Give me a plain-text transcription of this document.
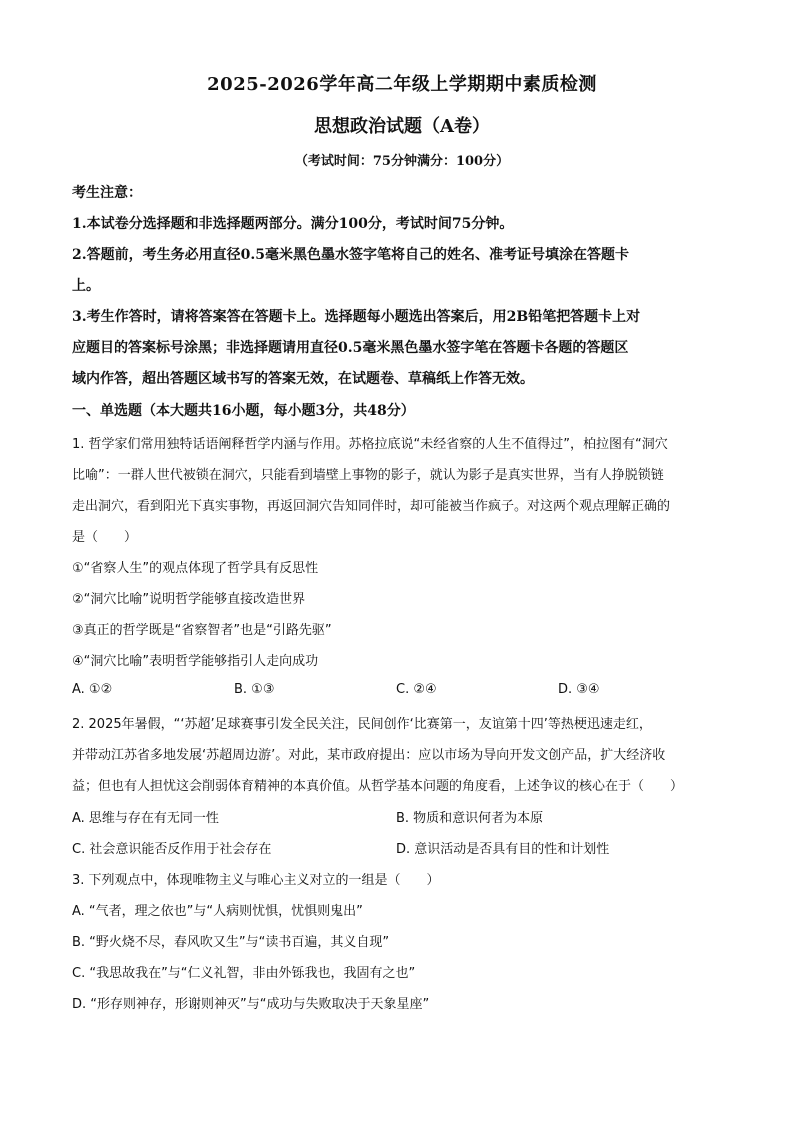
2025-2026学年高二年级上学期期中素质检测
思想政治试题（A卷）
（考试时间：75分钟满分：100分）
考生注意：
1.本试卷分选择题和非选择题两部分。满分100分，考试时间75分钟。
2.答题前，考生务必用直径0.5毫米黑色墨水签字笔将自己的姓名、准考证号填涂在答题卡
上。
3.考生作答时，请将答案答在答题卡上。选择题每小题选出答案后，用2B铅笔把答题卡上对
应题目的答案标号涂黑；非选择题请用直径0.5毫米黑色墨水签字笔在答题卡各题的答题区
域内作答，超出答题区域书写的答案无效，在试题卷、草稿纸上作答无效。
一、单选题（本大题共16小题，每小题3分，共48分）
1. 哲学家们常用独特话语阐释哲学内涵与作用。苏格拉底说“未经省察的人生不值得过”，柏拉图有“洞穴
比喻”：一群人世代被锁在洞穴，只能看到墙壁上事物的影子，就认为影子是真实世界，当有人挣脱锁链
走出洞穴，看到阳光下真实事物，再返回洞穴告知同伴时，却可能被当作疯子。对这两个观点理解正确的
是（　　）
①“省察人生”的观点体现了哲学具有反思性
②“洞穴比喻”说明哲学能够直接改造世界
③真正的哲学既是“省察智者”也是“引路先驱”
④“洞穴比喻”表明哲学能够指引人走向成功
A. ①②	B. ①③	C. ②④	D. ③④
2. 2025年暑假，“‘苏超’足球赛事引发全民关注，民间创作‘比赛第一，友谊第十四’等热梗迅速走红，
并带动江苏省多地发展‘苏超周边游’。对此，某市政府提出：应以市场为导向开发文创产品，扩大经济收
益；但也有人担忧这会削弱体育精神的本真价值。从哲学基本问题的角度看，上述争议的核心在于（　　）
A. 思维与存在有无同一性	B. 物质和意识何者为本原
C. 社会意识能否反作用于社会存在	D. 意识活动是否具有目的性和计划性
3. 下列观点中，体现唯物主义与唯心主义对立的一组是（　　）
A. “气者，理之依也”与“人病则忧惧，忧惧则鬼出”
B. “野火烧不尽，春风吹又生”与“读书百遍，其义自现”
C. “我思故我在”与“仁义礼智，非由外铄我也，我固有之也”
D. “形存则神存，形谢则神灭”与“成功与失败取决于天象星座”
